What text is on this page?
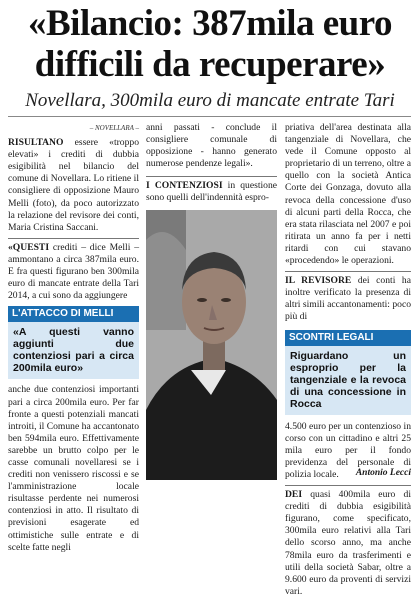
«Bilancio: 387mila euro
difficili da recuperare»
Novellara, 300mila euro di mancate entrate Tari
– NOVELLARA –

RISULTANO essere «troppo elevati» i crediti di dubbia esigibilità nel bilancio del comune di Novellara. Lo ritiene il consigliere di opposizione Mauro Melli (foto), da poco autorizzato la relazione del revisore dei conti, Maria Cristina Saccani.

«QUESTI crediti – dice Melli – ammontano a circa 387mila euro. E fra questi figurano ben 300mila euro di mancate entrate della Tari 2014, a cui sono da aggiungere

L'ATTACCO DI MELLI
«A questi vanno aggiunti due contenziosi pari a circa 200mila euro»

anche due contenziosi importanti pari a circa 200mila euro. Per far fronte a questi potenziali mancati introiti, il Comune ha accantonato ben 594mila euro. Effettivamente sarebbe un brutto colpo per le casse comunali novellaresi se i crediti non venissero riscossi e se l'amministrazione locale risultasse perdente nei numerosi contenziosi in atto. Il risultato di previsioni esagerate ed ottimistiche sulle entrate e di scelte fatte negli

anni passati - conclude il consigliere comunale di opposizione - hanno generato numerose pendenze legali».

I CONTENZIOSI in questione sono quelli dell'indennità espro-

priativa dell'area destinata alla tangenziale di Novellara, che vede il Comune opposto al proprietario di un terreno, oltre a quello con la società Antica Corte dei Gonzaga, dovuto alla revoca della concessione d'uso di alcuni parti della Rocca, che era stata rilasciata nel 2007 e poi ritirata un anno fa per i netti ritardi con cui stavano «procedendo» le operazioni.

IL REVISORE dei conti ha inoltre verificato la presenza di altri simili accantonamenti: poco più di

SCONTRI LEGALI
Riguardano un esproprio per la tangenziale e la revoca di una concessione in Rocca

4.500 euro per un contenzioso in corso con un cittadino e altri 25 mila euro per il fondo previdenza del personale di polizia locale.

DEI quasi 400mila euro di crediti di dubbia esigibilità figurano, come specificato, 300mila euro relativi alla Tari dello scorso anno, ma anche 78mila euro da trasferimenti e utili della società Sabar, oltre a 9.600 euro da proventi di servizi vari.

Antonio Lecci
